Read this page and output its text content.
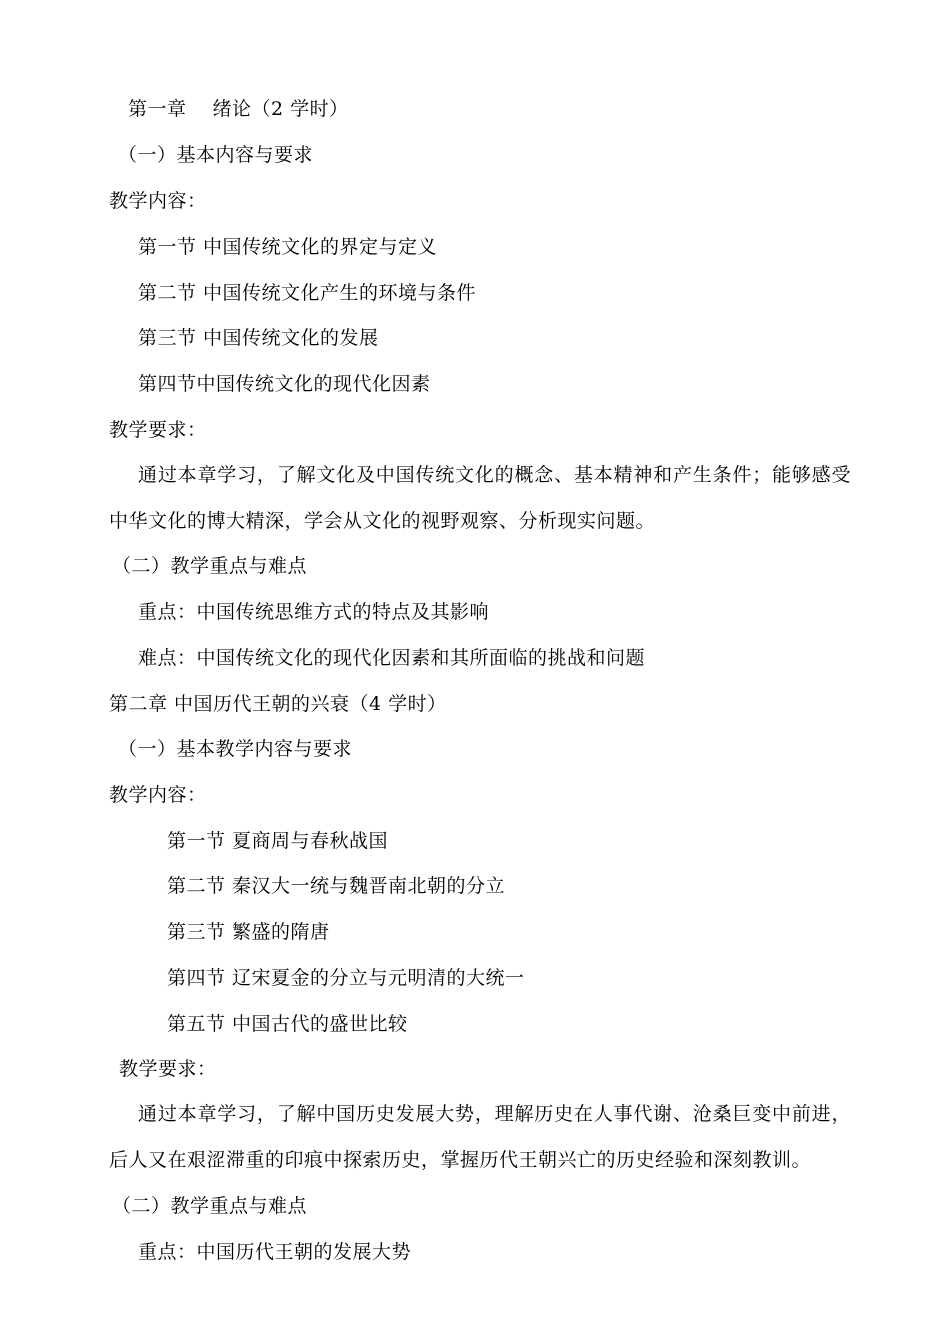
第一章　 绪论（2 学时）
（一）基本内容与要求
教学内容：
第一节 中国传统文化的界定与定义
第二节 中国传统文化产生的环境与条件
第三节 中国传统文化的发展
第四节中国传统文化的现代化因素
教学要求：
通过本章学习，了解文化及中国传统文化的概念、基本精神和产生条件；能够感受中华文化的博大精深，学会从文化的视野观察、分析现实问题。
（二）教学重点与难点
重点：中国传统思维方式的特点及其影响
难点：中国传统文化的现代化因素和其所面临的挑战和问题
第二章 中国历代王朝的兴衰（4 学时）
（一）基本教学内容与要求
教学内容：
第一节 夏商周与春秋战国
第二节 秦汉大一统与魏晋南北朝的分立
第三节 繁盛的隋唐
第四节 辽宋夏金的分立与元明清的大统一
第五节 中国古代的盛世比较
教学要求：
通过本章学习，了解中国历史发展大势，理解历史在人事代谢、沧桑巨变中前进，后人又在艰涩滞重的印痕中探索历史，掌握历代王朝兴亡的历史经验和深刻教训。
（二）教学重点与难点
重点：中国历代王朝的发展大势
